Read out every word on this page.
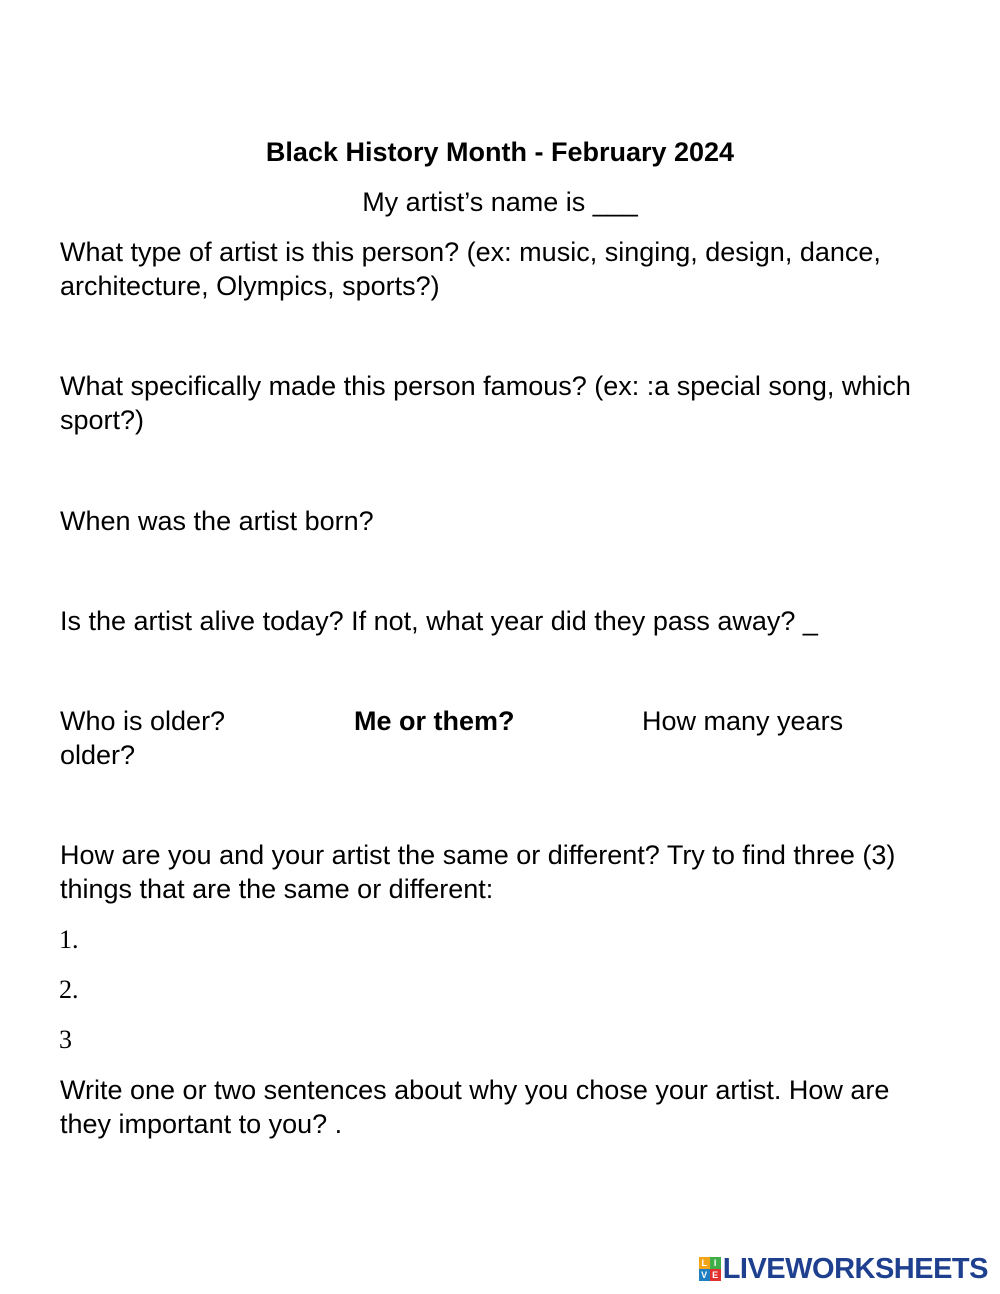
Black History Month - February 2024
My artist’s name is ___
What type of artist is this person? (ex: music, singing, design, dance, architecture, Olympics, sports?)
What specifically made this person famous? (ex: :a special song, which sport?)
When was the artist born?
Is the artist alive today? If not, what year did they pass away? _
Who is older?	Me or them?	How many years
older?
How are you and your artist the same or different? Try to find three (3) things that are the same or different:
1.
2.
3
Write one or two sentences about why you chose your artist. How are they important to you? .
L I
V E LIVEWORKSHEETS
